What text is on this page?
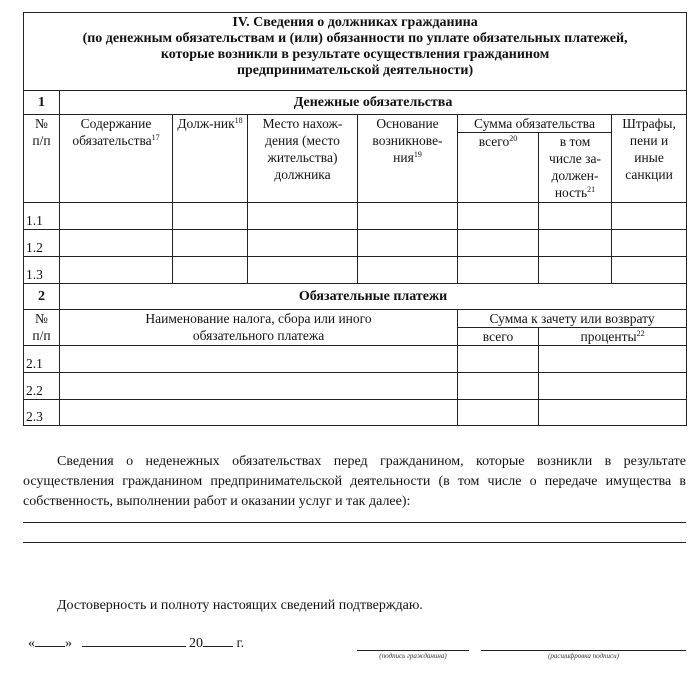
IV. Сведения о должниках гражданина
(по денежным обязательствам и (или) обязанности по уплате обязательных платежей,
которые возникли в результате осуществления гражданином
предпринимательской деятельности)							

1	Денежные обязательства						

№
п/п	Содержание обязательства$^{17}$	Долж-ник$^{18}$	Место нахож-дения (место жительства) должника	Основание возникнове-ния$^{19}$	Сумма обязательства		Штрафы, пени и иные санкции
					всего$^{20}$	в том числе за-должен-ность$^{21}$
1.1							
1.2							
1.3							
2	Обязательные платежи						

№
п/п	Наименование налога, сбора или иного обязательного платежа				Сумма к зачету или возврату		
					всего	проценты$^{22}$
2.1							
2.2							
2.3							
Сведения о неденежных обязательствах перед гражданином, которые возникли в результате осуществления гражданином предпринимательской деятельности (в том числе о передаче имущества в собственность, выполнении работ и оказании услуг и так далее):
Достоверность и полноту настоящих сведений подтверждаю.
« »	20 г.
(подпись гражданина)	(расшифровка подписи)
